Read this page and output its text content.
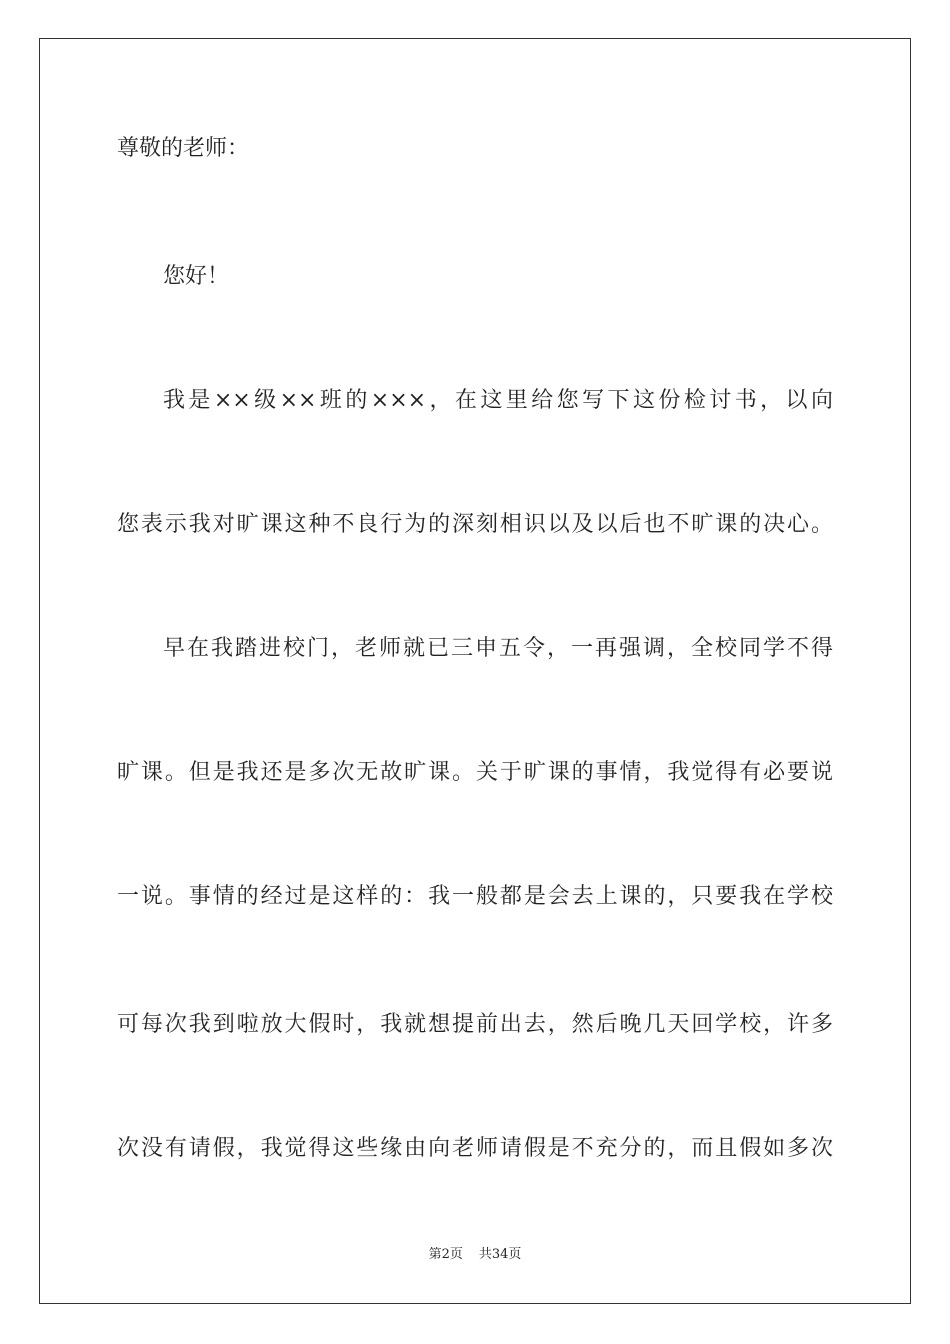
尊敬的老师：
您好！
我是××级××班的×××，在这里给您写下这份检讨书，以向
您表示我对旷课这种不良行为的深刻相识以及以后也不旷课的决心。
早在我踏进校门，老师就已三申五令，一再强调，全校同学不得
旷课。但是我还是多次无故旷课。关于旷课的事情，我觉得有必要说
一说。事情的经过是这样的：我一般都是会去上课的，只要我在学校
可每次我到啦放大假时，我就想提前出去，然后晚几天回学校，许多
次没有请假，我觉得这些缘由向老师请假是不充分的，而且假如多次
第2页 共34页
